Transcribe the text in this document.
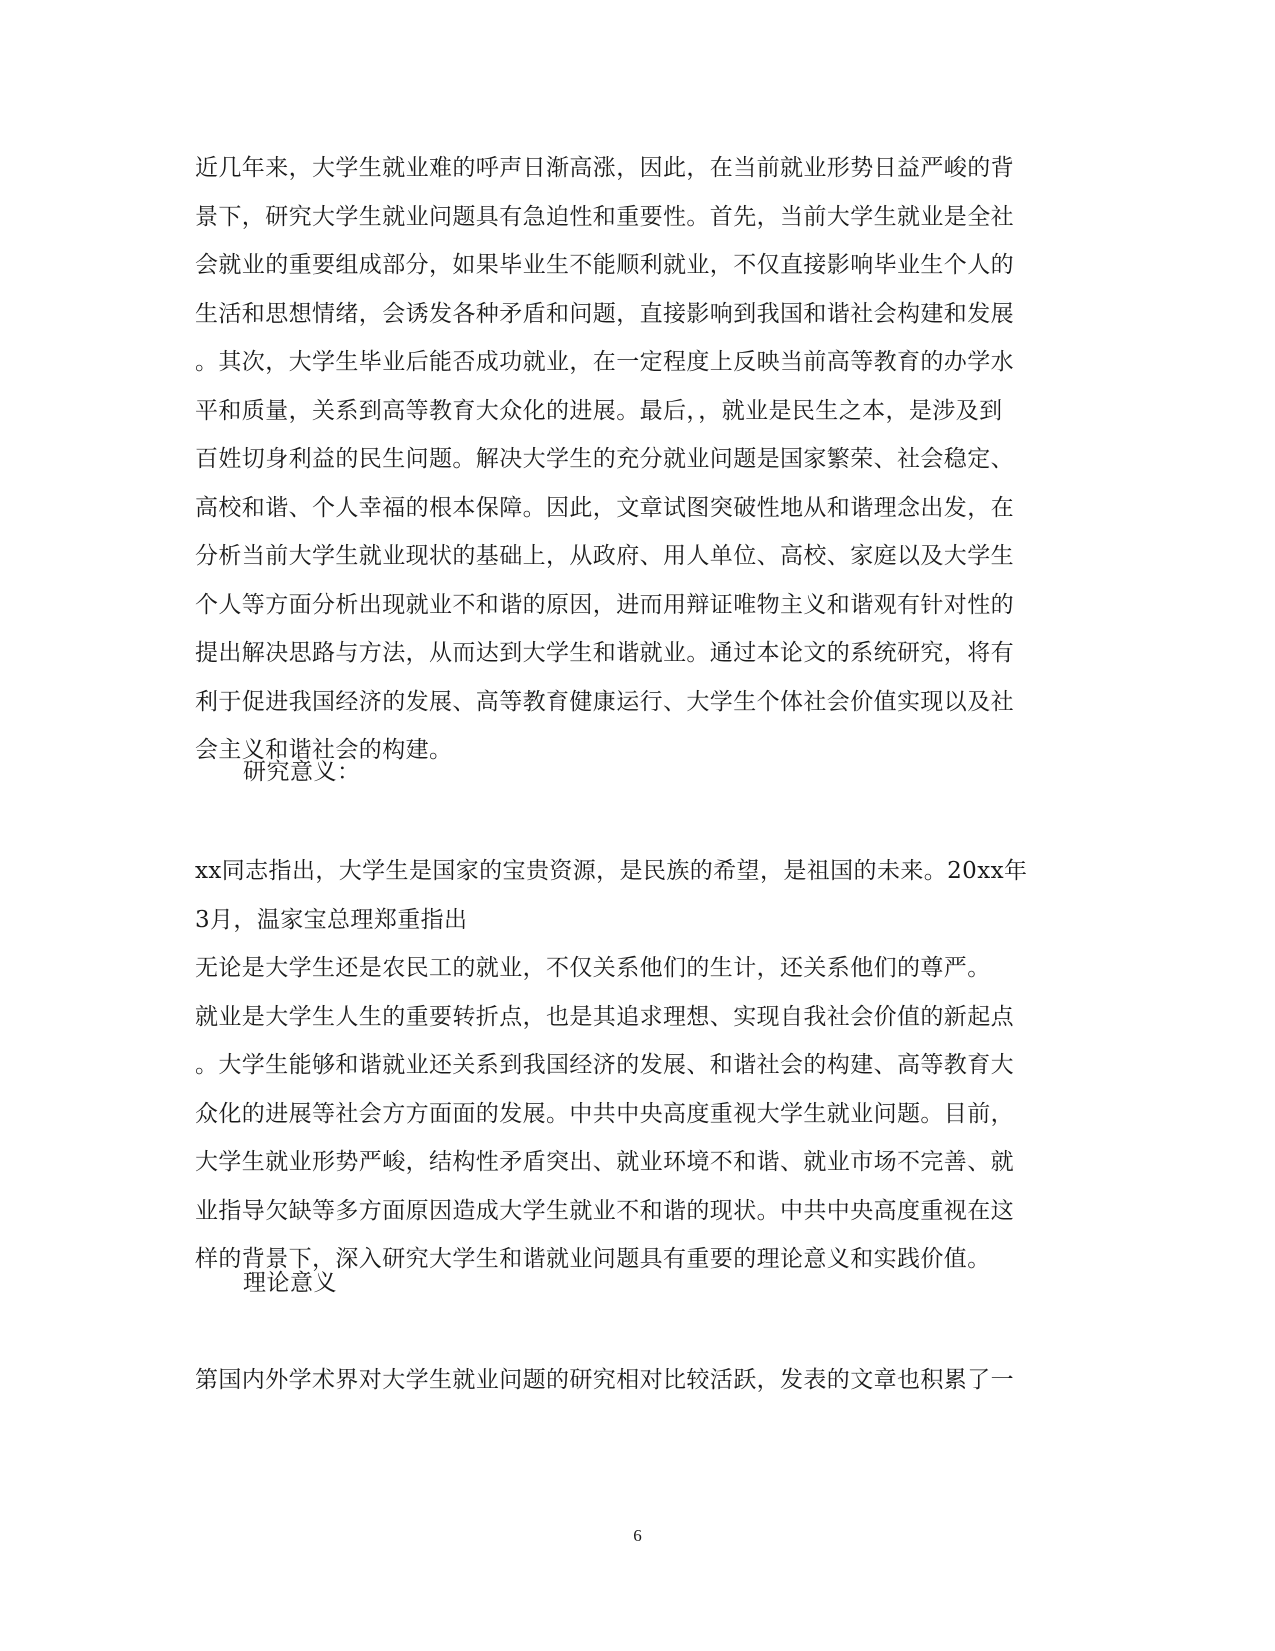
近几年来，大学生就业难的呼声日渐高涨，因此，在当前就业形势日益严峻的背
景下，研究大学生就业问题具有急迫性和重要性。首先，当前大学生就业是全社
会就业的重要组成部分，如果毕业生不能顺利就业，不仅直接影响毕业生个人的
生活和思想情绪，会诱发各种矛盾和问题，直接影响到我国和谐社会构建和发展
。其次，大学生毕业后能否成功就业，在一定程度上反映当前高等教育的办学水
平和质量，关系到高等教育大众化的进展。最后，，就业是民生之本，是涉及到
百姓切身利益的民生问题。解决大学生的充分就业问题是国家繁荣、社会稳定、
高校和谐、个人幸福的根本保障。因此，文章试图突破性地从和谐理念出发，在
分析当前大学生就业现状的基础上，从政府、用人单位、高校、家庭以及大学生
个人等方面分析出现就业不和谐的原因，进而用辩证唯物主义和谐观有针对性的
提出解决思路与方法，从而达到大学生和谐就业。通过本论文的系统研究，将有
利于促进我国经济的发展、高等教育健康运行、大学生个体社会价值实现以及社
会主义和谐社会的构建。
研究意义：
xx同志指出，大学生是国家的宝贵资源，是民族的希望，是祖国的未来。20xx年
3月，温家宝总理郑重指出
无论是大学生还是农民工的就业，不仅关系他们的生计，还关系他们的尊严。
就业是大学生人生的重要转折点，也是其追求理想、实现自我社会价值的新起点
。大学生能够和谐就业还关系到我国经济的发展、和谐社会的构建、高等教育大
众化的进展等社会方方面面的发展。中共中央高度重视大学生就业问题。目前，
大学生就业形势严峻，结构性矛盾突出、就业环境不和谐、就业市场不完善、就
业指导欠缺等多方面原因造成大学生就业不和谐的现状。中共中央高度重视在这
样的背景下，深入研究大学生和谐就业问题具有重要的理论意义和实践价值。
理论意义
第国内外学术界对大学生就业问题的研究相对比较活跃，发表的文章也积累了一
6
